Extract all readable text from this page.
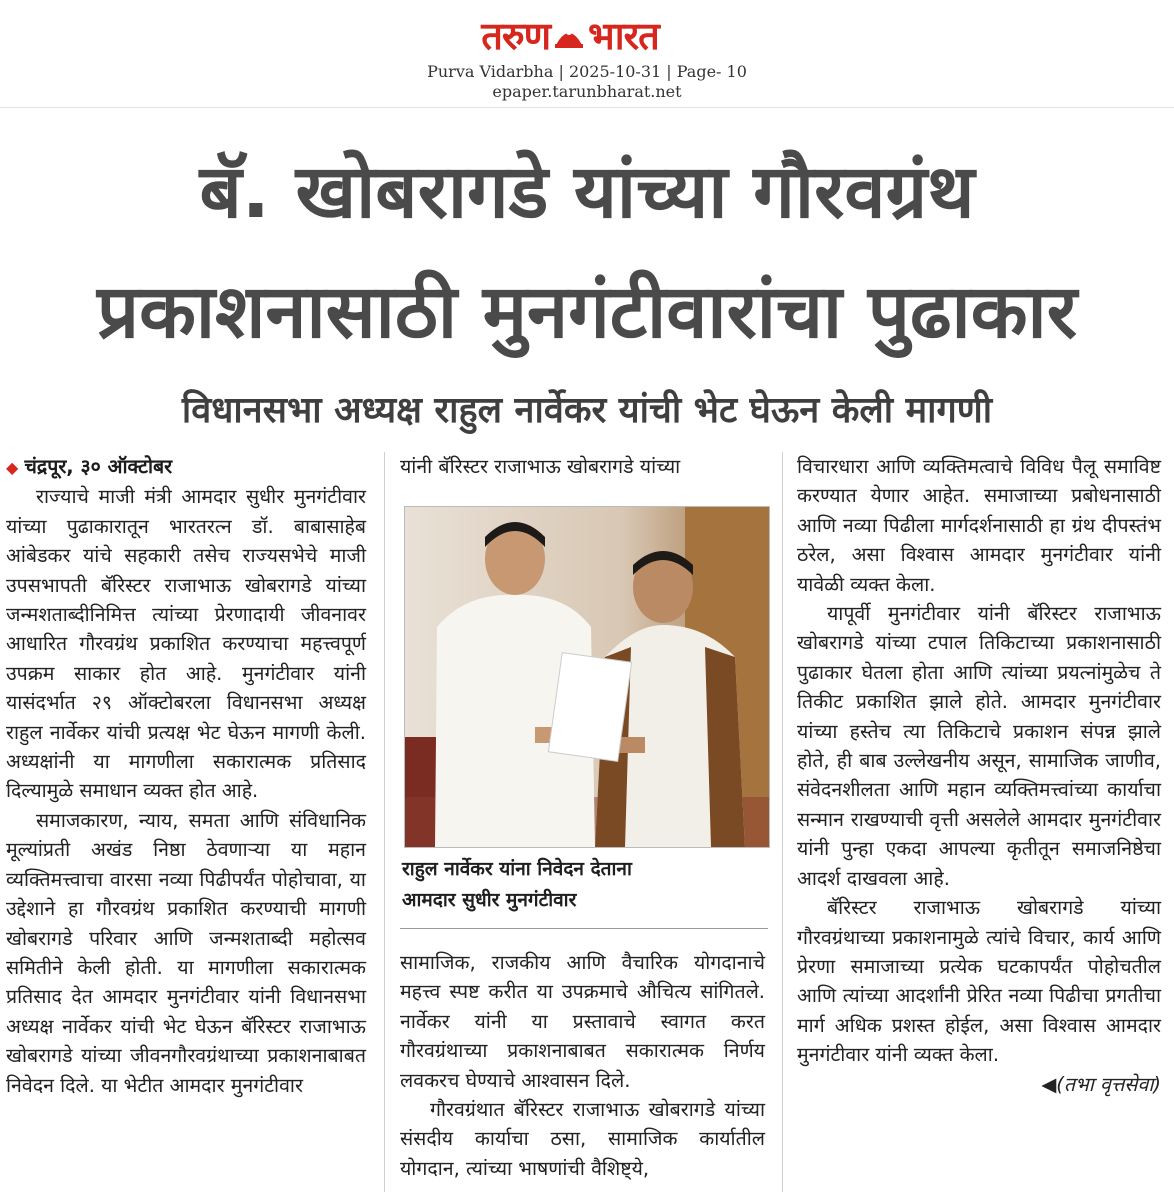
तरुण भारत
Purva Vidarbha | 2025-10-31 | Page- 10
epaper.tarunbharat.net
बॅ. खोबरागडे यांच्या गौरवग्रंथ
प्रकाशनासाठी मुनगंटीवारांचा पुढाकार
विधानसभा अध्यक्ष राहुल नार्वेकर यांची भेट घेऊन केली मागणी

◆ चंद्रपूर, ३० ऑक्टोबर

राज्याचे माजी मंत्री आमदार सुधीर मुनगंटीवार यांच्या पुढाकारातून भारतरत्न डॉ. बाबासाहेब आंबेडकर यांचे सहकारी तसेच राज्यसभेचे माजी उपसभापती बॅरिस्टर राजाभाऊ खोबरागडे यांच्या जन्मशताब्दीनिमित्त त्यांच्या प्रेरणादायी जीवनावर आधारित गौरवग्रंथ प्रकाशित करण्याचा महत्त्वपूर्ण उपक्रम साकार होत आहे. मुनगंटीवार यांनी यासंदर्भात २९ ऑक्टोबरला विधानसभा अध्यक्ष राहुल नार्वेकर यांची प्रत्यक्ष भेट घेऊन मागणी केली. अध्यक्षांनी या मागणीला सकारात्मक प्रतिसाद दिल्यामुळे समाधान व्यक्त होत आहे.

समाजकारण, न्याय, समता आणि संविधानिक मूल्यांप्रती अखंड निष्ठा ठेवणाऱ्या या महान व्यक्तिमत्त्वाचा वारसा नव्या पिढीपर्यंत पोहोचावा, या उद्देशाने हा गौरवग्रंथ प्रकाशित करण्याची मागणी खोबरागडे परिवार आणि जन्मशताब्दी महोत्सव समितीने केली होती. या मागणीला सकारात्मक प्रतिसाद देत आमदार मुनगंटीवार यांनी विधानसभा अध्यक्ष नार्वेकर यांची भेट घेऊन बॅरिस्टर राजाभाऊ खोबरागडे यांच्या जीवनगौरवग्रंथाच्या प्रकाशनाबाबत निवेदन दिले. या भेटीत आमदार मुनगंटीवार

यांनी बॅरिस्टर राजाभाऊ खोबरागडे यांच्या

राहुल नार्वेकर यांना निवेदन देताना
आमदार सुधीर मुनगंटीवार

सामाजिक, राजकीय आणि वैचारिक योगदानाचे महत्त्व स्पष्ट करीत या उपक्रमाचे औचित्य सांगितले. नार्वेकर यांनी या प्रस्तावाचे स्वागत करत गौरवग्रंथाच्या प्रकाशनाबाबत सकारात्मक निर्णय लवकरच घेण्याचे आश्वासन दिले.

गौरवग्रंथात बॅरिस्टर राजाभाऊ खोबरागडे यांच्या संसदीय कार्याचा ठसा, सामाजिक कार्यातील योगदान, त्यांच्या भाषणांची वैशिष्ट्ये,

विचारधारा आणि व्यक्तिमत्वाचे विविध पैलू समाविष्ट करण्यात येणार आहेत. समाजाच्या प्रबोधनासाठी आणि नव्या पिढीला मार्गदर्शनासाठी हा ग्रंथ दीपस्तंभ ठरेल, असा विश्वास आमदार मुनगंटीवार यांनी यावेळी व्यक्त केला.

यापूर्वी मुनगंटीवार यांनी बॅरिस्टर राजाभाऊ खोबरागडे यांच्या टपाल तिकिटाच्या प्रकाशनासाठी पुढाकार घेतला होता आणि त्यांच्या प्रयत्नांमुळेच ते तिकीट प्रकाशित झाले होते. आमदार मुनगंटीवार यांच्या हस्तेच त्या तिकिटाचे प्रकाशन संपन्न झाले होते, ही बाब उल्लेखनीय असून, सामाजिक जाणीव, संवेदनशीलता आणि महान व्यक्तिमत्त्वांच्या कार्याचा सन्मान राखण्याची वृत्ती असलेले आमदार मुनगंटीवार यांनी पुन्हा एकदा आपल्या कृतीतून समाजनिष्ठेचा आदर्श दाखवला आहे.

बॅरिस्टर राजाभाऊ खोबरागडे यांच्या गौरवग्रंथाच्या प्रकाशनामुळे त्यांचे विचार, कार्य आणि प्रेरणा समाजाच्या प्रत्येक घटकापर्यंत पोहोचतील आणि त्यांच्या आदर्शांनी प्रेरित नव्या पिढीचा प्रगतीचा मार्ग अधिक प्रशस्त होईल, असा विश्वास आमदार मुनगंटीवार यांनी व्यक्त केला.

◀(तभा वृत्तसेवा)
